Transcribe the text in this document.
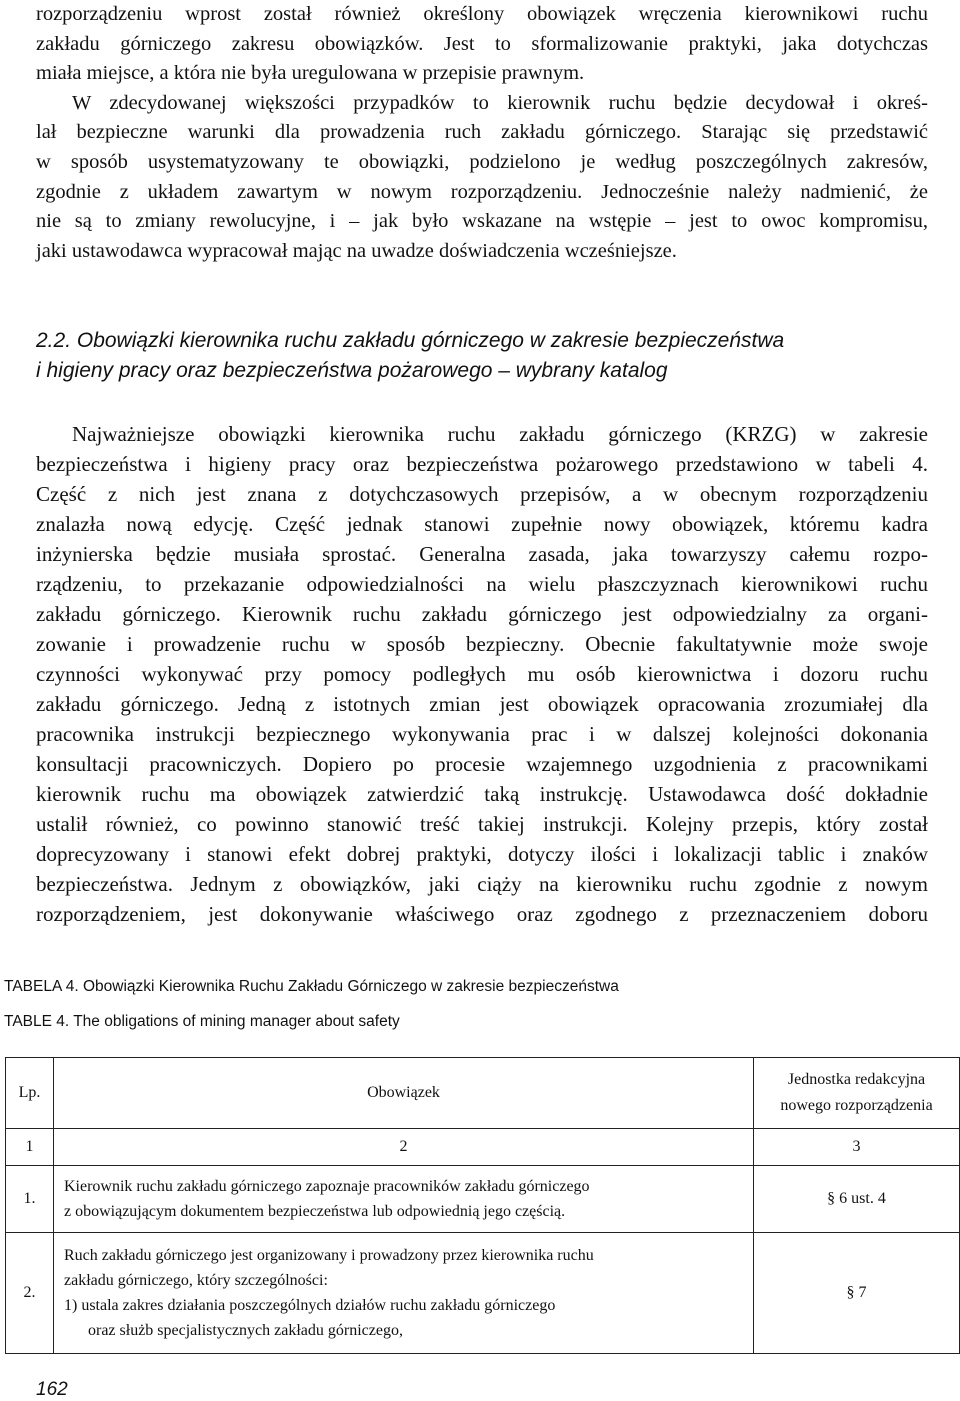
rozporządzeniu wprost został również określony obowiązek wręczenia kierownikowi ruchu
zakładu górniczego zakresu obowiązków. Jest to sformalizowanie praktyki, jaka dotychczas
miała miejsce, a która nie była uregulowana w przepisie prawnym.
W zdecydowanej większości przypadków to kierownik ruchu będzie decydował i okreś-
lał bezpieczne warunki dla prowadzenia ruch zakładu górniczego. Starając się przedstawić
w sposób usystematyzowany te obowiązki, podzielono je według poszczególnych zakresów,
zgodnie z układem zawartym w nowym rozporządzeniu. Jednocześnie należy nadmienić, że
nie są to zmiany rewolucyjne, i – jak było wskazane na wstępie – jest to owoc kompromisu,
jaki ustawodawca wypracował mając na uwadze doświadczenia wcześniejsze.
2.2. Obowiązki kierownika ruchu zakładu górniczego w zakresie bezpieczeństwa
i higieny pracy oraz bezpieczeństwa pożarowego – wybrany katalog
Najważniejsze obowiązki kierownika ruchu zakładu górniczego (KRZG) w zakresie
bezpieczeństwa i higieny pracy oraz bezpieczeństwa pożarowego przedstawiono w tabeli 4.
Część z nich jest znana z dotychczasowych przepisów, a w obecnym rozporządzeniu
znalazła nową edycję. Część jednak stanowi zupełnie nowy obowiązek, któremu kadra
inżynierska będzie musiała sprostać. Generalna zasada, jaka towarzyszy całemu rozpo-
rządzeniu, to przekazanie odpowiedzialności na wielu płaszczyznach kierownikowi ruchu
zakładu górniczego. Kierownik ruchu zakładu górniczego jest odpowiedzialny za organi-
zowanie i prowadzenie ruchu w sposób bezpieczny. Obecnie fakultatywnie może swoje
czynności wykonywać przy pomocy podległych mu osób kierownictwa i dozoru ruchu
zakładu górniczego. Jedną z istotnych zmian jest obowiązek opracowania zrozumiałej dla
pracownika instrukcji bezpiecznego wykonywania prac i w dalszej kolejności dokonania
konsultacji pracowniczych. Dopiero po procesie wzajemnego uzgodnienia z pracownikami
kierownik ruchu ma obowiązek zatwierdzić taką instrukcję. Ustawodawca dość dokładnie
ustalił również, co powinno stanowić treść takiej instrukcji. Kolejny przepis, który został
doprecyzowany i stanowi efekt dobrej praktyki, dotyczy ilości i lokalizacji tablic i znaków
bezpieczeństwa. Jednym z obowiązków, jaki ciąży na kierowniku ruchu zgodnie z nowym
rozporządzeniem, jest dokonywanie właściwego oraz zgodnego z przeznaczeniem doboru
TABELA 4. Obowiązki Kierownika Ruchu Zakładu Górniczego w zakresie bezpieczeństwa
TABLE 4. The obligations of mining manager about safety
Lp.	Obowiązek	Jednostka redakcyjna
nowego rozporządzenia

1	2	3
1.	Kierownik ruchu zakładu górniczego zapoznaje pracowników zakładu górniczego
z obowiązującym dokumentem bezpieczeństwa lub odpowiednią jego częścią.	§ 6 ust. 4
2.	Ruch zakładu górniczego jest organizowany i prowadzony przez kierownika ruchu
zakładu górniczego, który szczególności:
1) ustala zakres działania poszczególnych działów ruchu zakładu górniczego
oraz służb specjalistycznych zakładu górniczego,	§ 7
162
